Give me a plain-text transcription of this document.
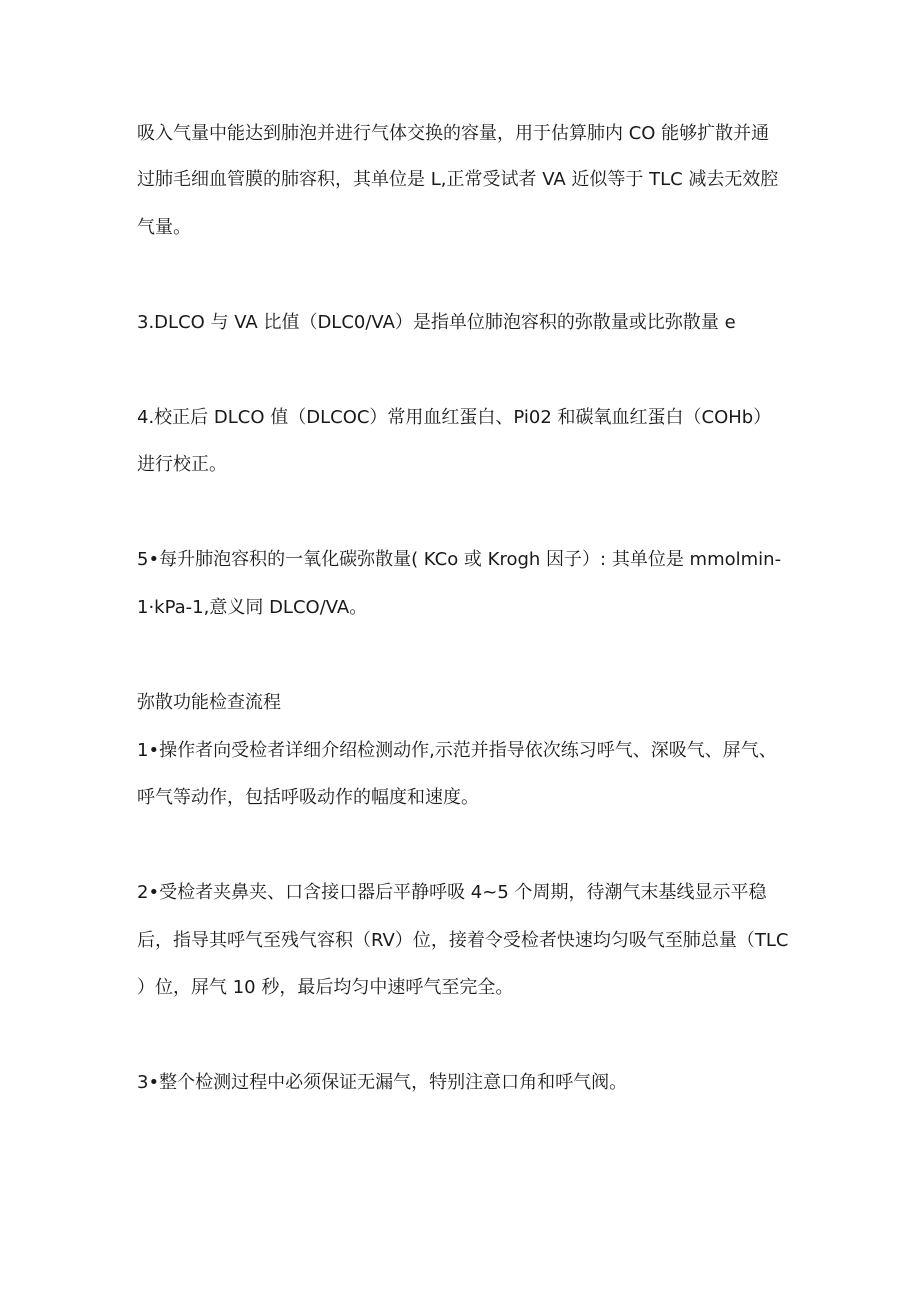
吸入气量中能达到肺泡并进行气体交换的容量，用于估算肺内 CO 能够扩散并通
过肺毛细血管膜的肺容积，其单位是 L,正常受试者 VA 近似等于 TLC 减去无效腔
气量。
3.DLCO 与 VA 比值（DLC0/VA）是指单位肺泡容积的弥散量或比弥散量 e
4.校正后 DLCO 值（DLCOC）常用血红蛋白、Pi02 和碳氧血红蛋白（COHb）
进行校正。
5•每升肺泡容积的一氧化碳弥散量( KCo 或 Krogh 因子）: 其单位是 mmolmin-
1·kPa-1,意义同 DLCO/VA。
弥散功能检查流程
1•操作者向受检者详细介绍检测动作,示范并指导依次练习呼气、深吸气、屏气、
呼气等动作，包括呼吸动作的幅度和速度。
2•受检者夹鼻夹、口含接口器后平静呼吸 4~5 个周期，待潮气末基线显示平稳
后，指导其呼气至残气容积（RV）位，接着令受检者快速均匀吸气至肺总量（TLC
）位，屏气 10 秒，最后均匀中速呼气至完全。
3•整个检测过程中必须保证无漏气，特别注意口角和呼气阀。
